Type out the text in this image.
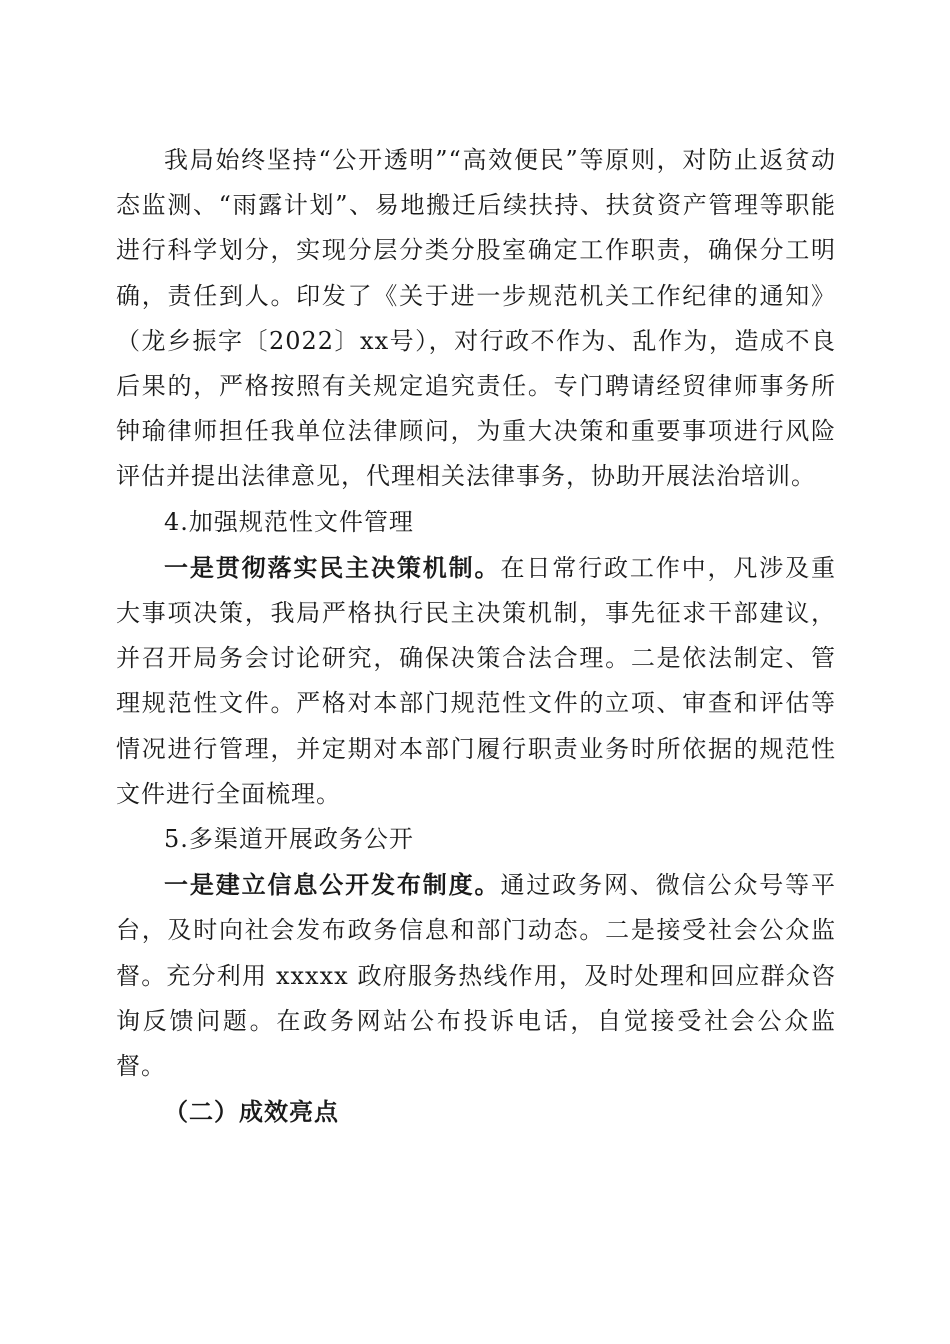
我局始终坚持“公开透明”“高效便民”等原则，对防止返贫动态监测、“雨露计划”、易地搬迁后续扶持、扶贫资产管理等职能进行科学划分，实现分层分类分股室确定工作职责，确保分工明确，责任到人。印发了《关于进一步规范机关工作纪律的通知》（龙乡振字〔2022〕xx号），对行政不作为、乱作为，造成不良后果的，严格按照有关规定追究责任。专门聘请经贸律师事务所钟瑜律师担任我单位法律顾问，为重大决策和重要事项进行风险评估并提出法律意见，代理相关法律事务，协助开展法治培训。

4.加强规范性文件管理

一是贯彻落实民主决策机制。在日常行政工作中，凡涉及重大事项决策，我局严格执行民主决策机制，事先征求干部建议，并召开局务会讨论研究，确保决策合法合理。二是依法制定、管理规范性文件。严格对本部门规范性文件的立项、审查和评估等情况进行管理，并定期对本部门履行职责业务时所依据的规范性文件进行全面梳理。

5.多渠道开展政务公开

一是建立信息公开发布制度。通过政务网、微信公众号等平台，及时向社会发布政务信息和部门动态。二是接受社会公众监督。充分利用 xxxxx 政府服务热线作用，及时处理和回应群众咨询反馈问题。在政务网站公布投诉电话，自觉接受社会公众监督。

（二）成效亮点
